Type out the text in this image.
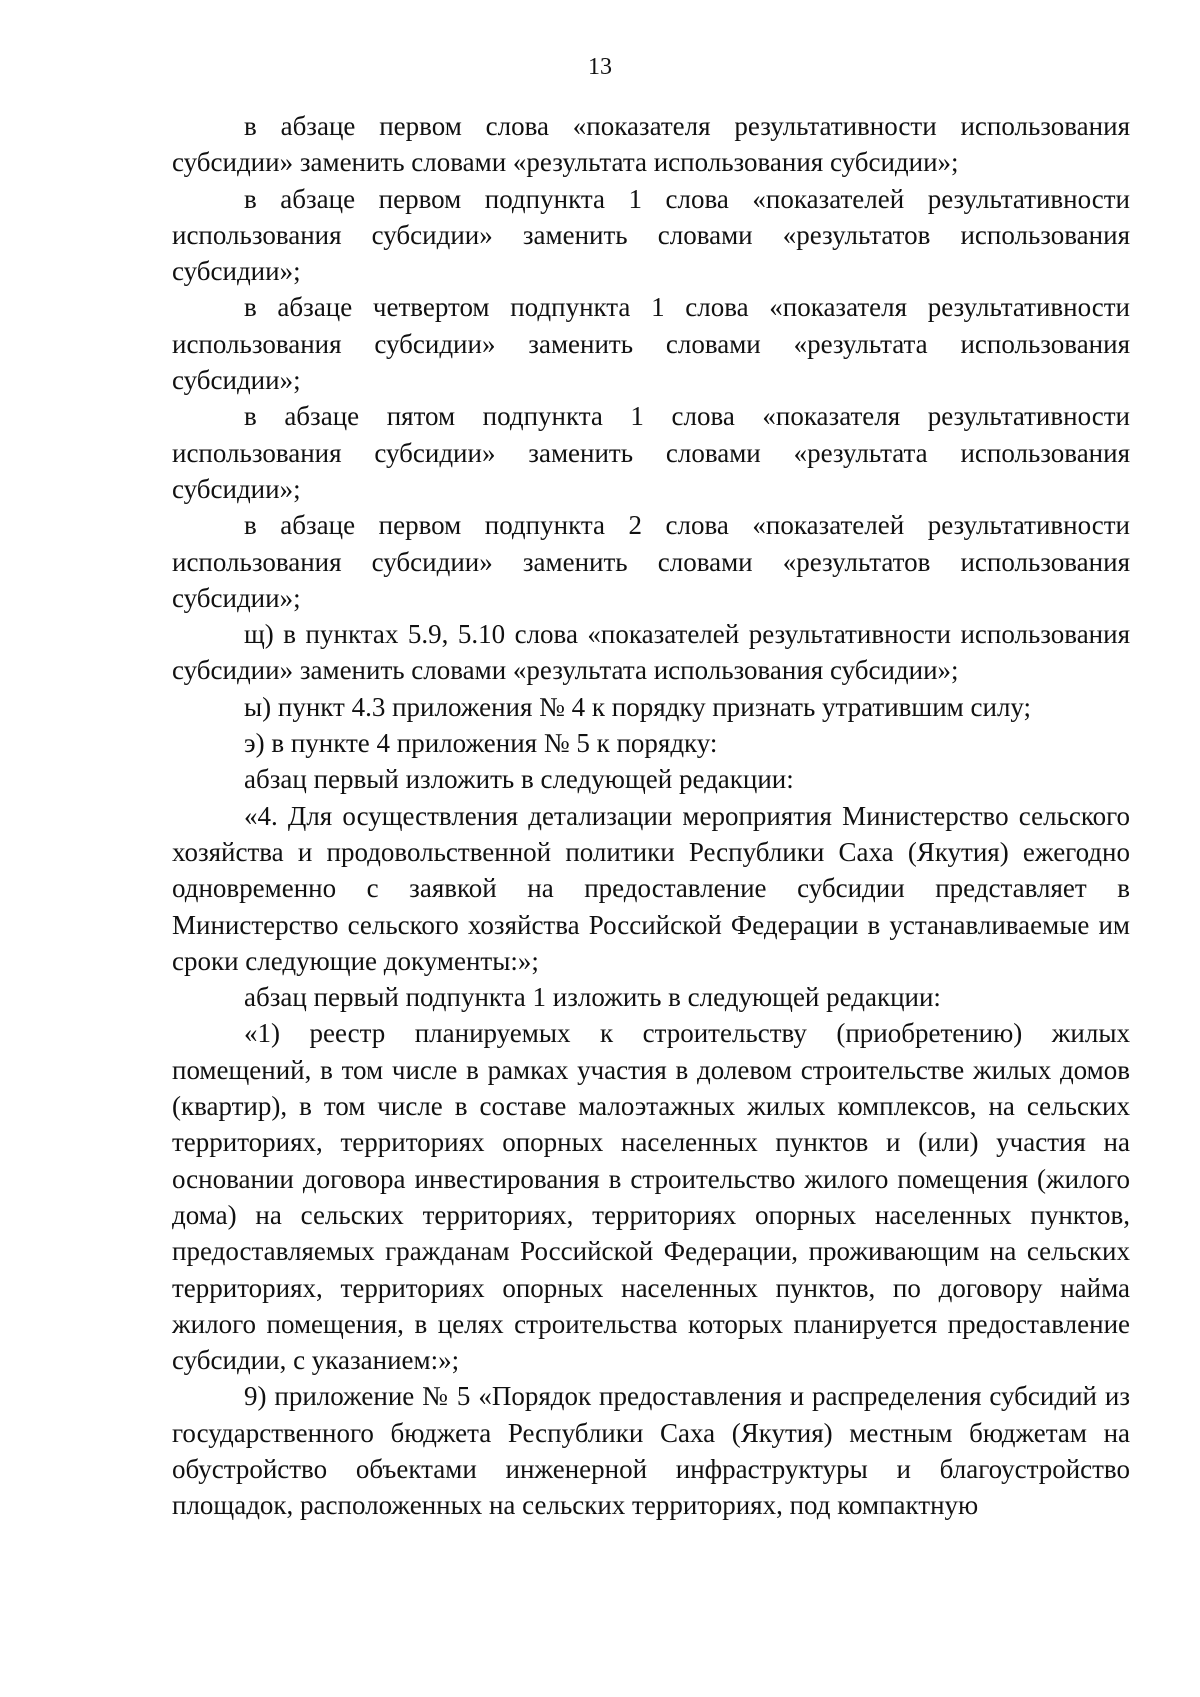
13

в абзаце первом слова «показателя результативности использования субсидии» заменить словами «результата использования субсидии»;

в абзаце первом подпункта 1 слова «показателей результативности использования субсидии» заменить словами «результатов использования субсидии»;

в абзаце четвертом подпункта 1 слова «показателя результативности использования субсидии» заменить словами «результата использования субсидии»;

в абзаце пятом подпункта 1 слова «показателя результативности использования субсидии» заменить словами «результата использования субсидии»;

в абзаце первом подпункта 2 слова «показателей результативности использования субсидии» заменить словами «результатов использования субсидии»;

щ) в пунктах 5.9, 5.10 слова «показателей результативности использования субсидии» заменить словами «результата использования субсидии»;

ы) пункт 4.3 приложения № 4 к порядку признать утратившим силу;

э) в пункте 4 приложения № 5 к порядку:

абзац первый изложить в следующей редакции:

«4. Для осуществления детализации мероприятия Министерство сельского хозяйства и продовольственной политики Республики Саха (Якутия) ежегодно одновременно с заявкой на предоставление субсидии представляет в Министерство сельского хозяйства Российской Федерации в устанавливаемые им сроки следующие документы:»;

абзац первый подпункта 1 изложить в следующей редакции:

«1) реестр планируемых к строительству (приобретению) жилых помещений, в том числе в рамках участия в долевом строительстве жилых домов (квартир), в том числе в составе малоэтажных жилых комплексов, на сельских территориях, территориях опорных населенных пунктов и (или) участия на основании договора инвестирования в строительство жилого помещения (жилого дома) на сельских территориях, территориях опорных населенных пунктов, предоставляемых гражданам Российской Федерации, проживающим на сельских территориях, территориях опорных населенных пунктов, по договору найма жилого помещения, в целях строительства которых планируется предоставление субсидии, с указанием:»;

9) приложение № 5 «Порядок предоставления и распределения субсидий из государственного бюджета Республики Саха (Якутия) местным бюджетам на обустройство объектами инженерной инфраструктуры и благоустройство площадок, расположенных на сельских территориях, под компактную
